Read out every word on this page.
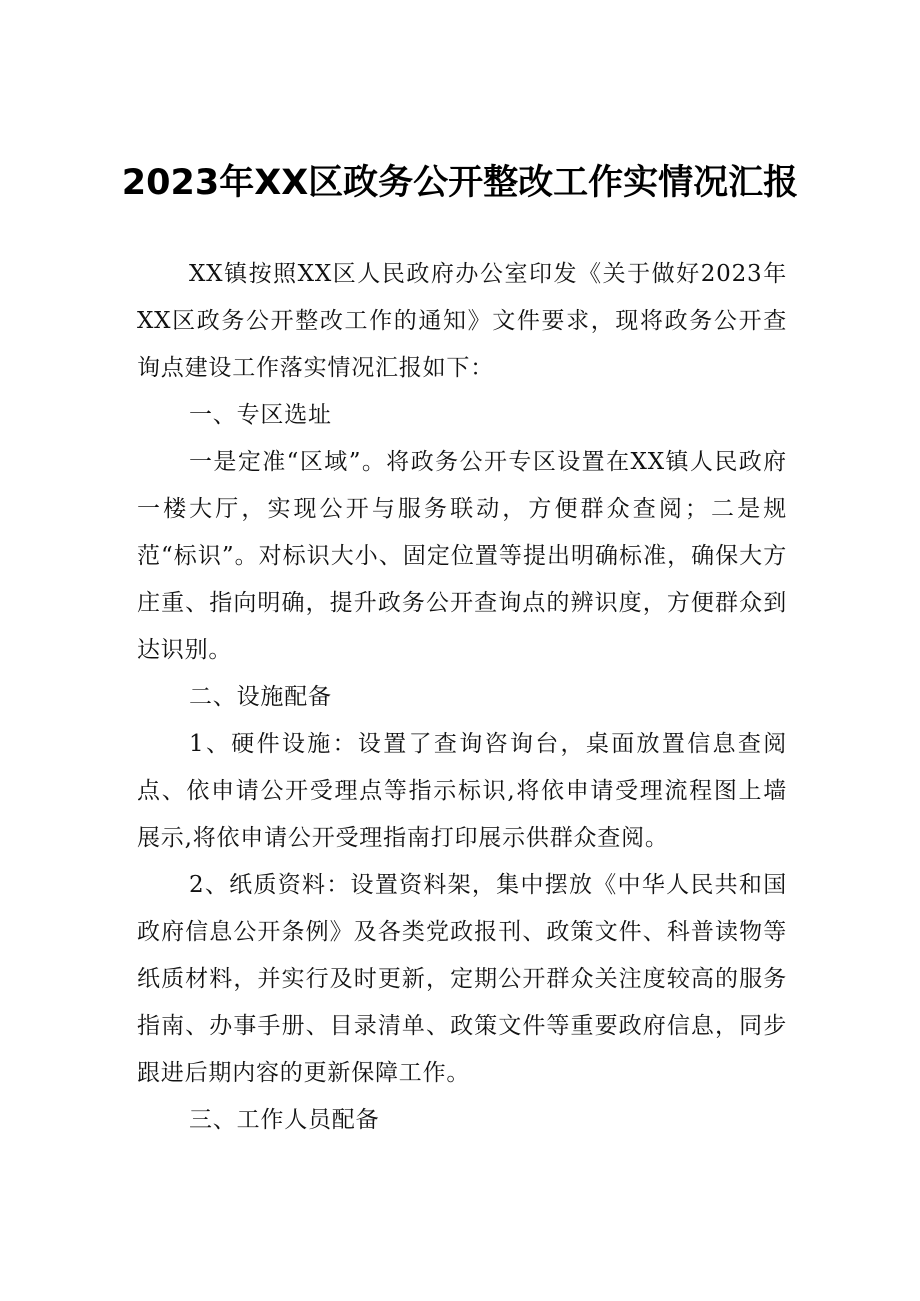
2023年XX区政务公开整改工作实情况汇报

XX镇按照XX区人民政府办公室印发《关于做好2023年XX区政务公开整改工作的通知》文件要求，现将政务公开查询点建设工作落实情况汇报如下：

一、专区选址

一是定准“区域”。将政务公开专区设置在XX镇人民政府一楼大厅，实现公开与服务联动，方便群众查阅；二是规范“标识”。对标识大小、固定位置等提出明确标准，确保大方庄重、指向明确，提升政务公开查询点的辨识度，方便群众到达识别。

二、设施配备

1、硬件设施：设置了查询咨询台，桌面放置信息查阅点、依申请公开受理点等指示标识,将依申请受理流程图上墙展示,将依申请公开受理指南打印展示供群众查阅。

2、纸质资料：设置资料架，集中摆放《中华人民共和国政府信息公开条例》及各类党政报刊、政策文件、科普读物等纸质材料，并实行及时更新，定期公开群众关注度较高的服务指南、办事手册、目录清单、政策文件等重要政府信息，同步跟进后期内容的更新保障工作。

三、工作人员配备
